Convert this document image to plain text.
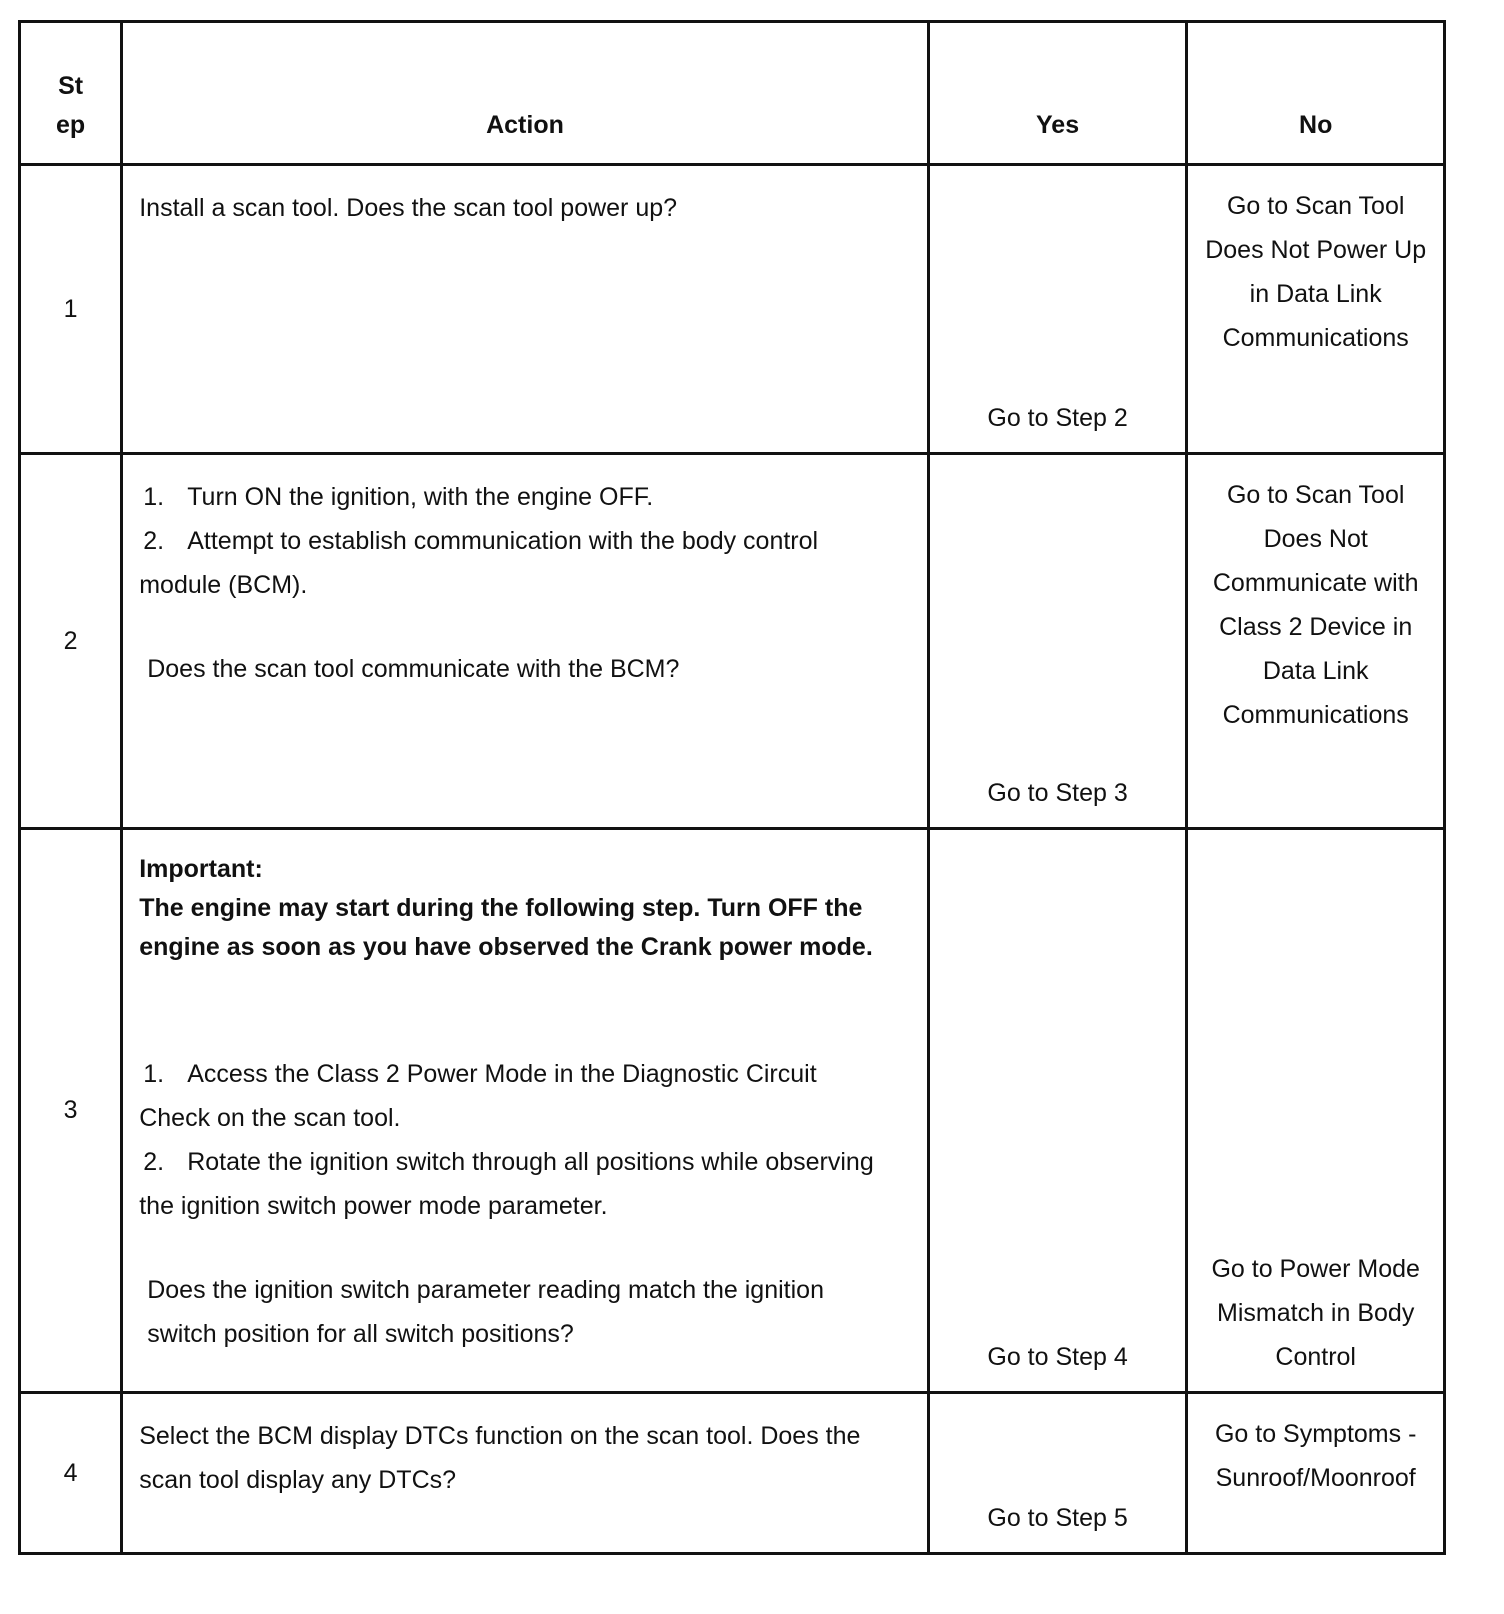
St ep	Action	Yes	No

1	Install a scan tool. Does the scan tool power up?	Go to Step 2	Go to Scan Tool Does Not Power Up in Data Link Communications
2	1. Turn ON the ignition, with the engine OFF.
2. Attempt to establish communication with the body control module (BCM).
Does the scan tool communicate with the BCM?	Go to Step 3	Go to Scan Tool Does Not Communicate with Class 2 Device in Data Link Communications
3	Important:
The engine may start during the following step. Turn OFF the engine as soon as you have observed the Crank power mode.
1. Access the Class 2 Power Mode in the Diagnostic Circuit Check on the scan tool.
2. Rotate the ignition switch through all positions while observing the ignition switch power mode parameter.
Does the ignition switch parameter reading match the ignition switch position for all switch positions?	Go to Step 4	Go to Power Mode Mismatch in Body Control
4	Select the BCM display DTCs function on the scan tool. Does the scan tool display any DTCs?	Go to Step 5	Go to Symptoms - Sunroof/Moonroof
